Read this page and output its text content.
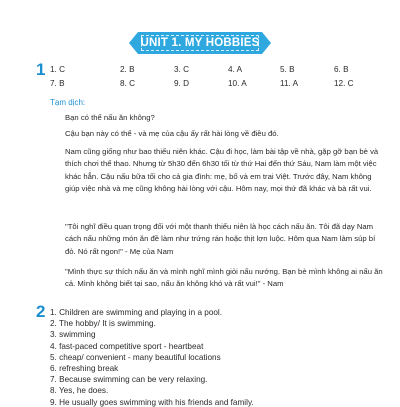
UNIT 1. MY HOBBIES
1 1. C	2. B	3. C	4. A	5. B	6. B
7. B	8. C	9. D	10. A	11. A	12. C
Tạm dịch:
Bạn có thể nấu ăn không?
Cậu bạn này có thể - và mẹ của cậu ấy rất hài lòng về điều đó.
Nam cũng giống như bao thiếu niên khác. Cậu đi học, làm bài tập về nhà, gặp gỡ bạn bè và thích chơi thể thao. Nhưng từ 5h30 đến 6h30 tối từ thứ Hai đến thứ Sáu, Nam làm một việc khác hẳn. Cậu nấu bữa tối cho cả gia đình: mẹ, bố và em trai Việt. Trước đây, Nam không giúp việc nhà và mẹ cũng không hài lòng với cậu. Hôm nay, mọi thứ đã khác và bà rất vui.
"Tôi nghĩ điều quan trọng đối với một thanh thiếu niên là học cách nấu ăn. Tôi đã dạy Nam cách nấu những món ăn đề làm như trứng rán hoặc thịt lợn luộc. Hôm qua Nam làm súp bí đỏ. Nó rất ngon!" - Mẹ của Nam
"Mình thực sự thích nấu ăn và mình nghĩ mình giỏi nấu nướng. Bạn bè mình không ai nấu ăn cả. Mình không biết tại sao, nấu ăn không khó và rất vui!" - Nam
2 1. Children are swimming and playing in a pool.
2. The hobby/ It is swimming.
3. swimming
4. fast-paced competitive sport - heartbeat
5. cheap/ convenient - many beautiful locations
6. refreshing break
7. Because swimming can be very relaxing.
8. Yes, he does.
9. He usually goes swimming with his friends and family.
